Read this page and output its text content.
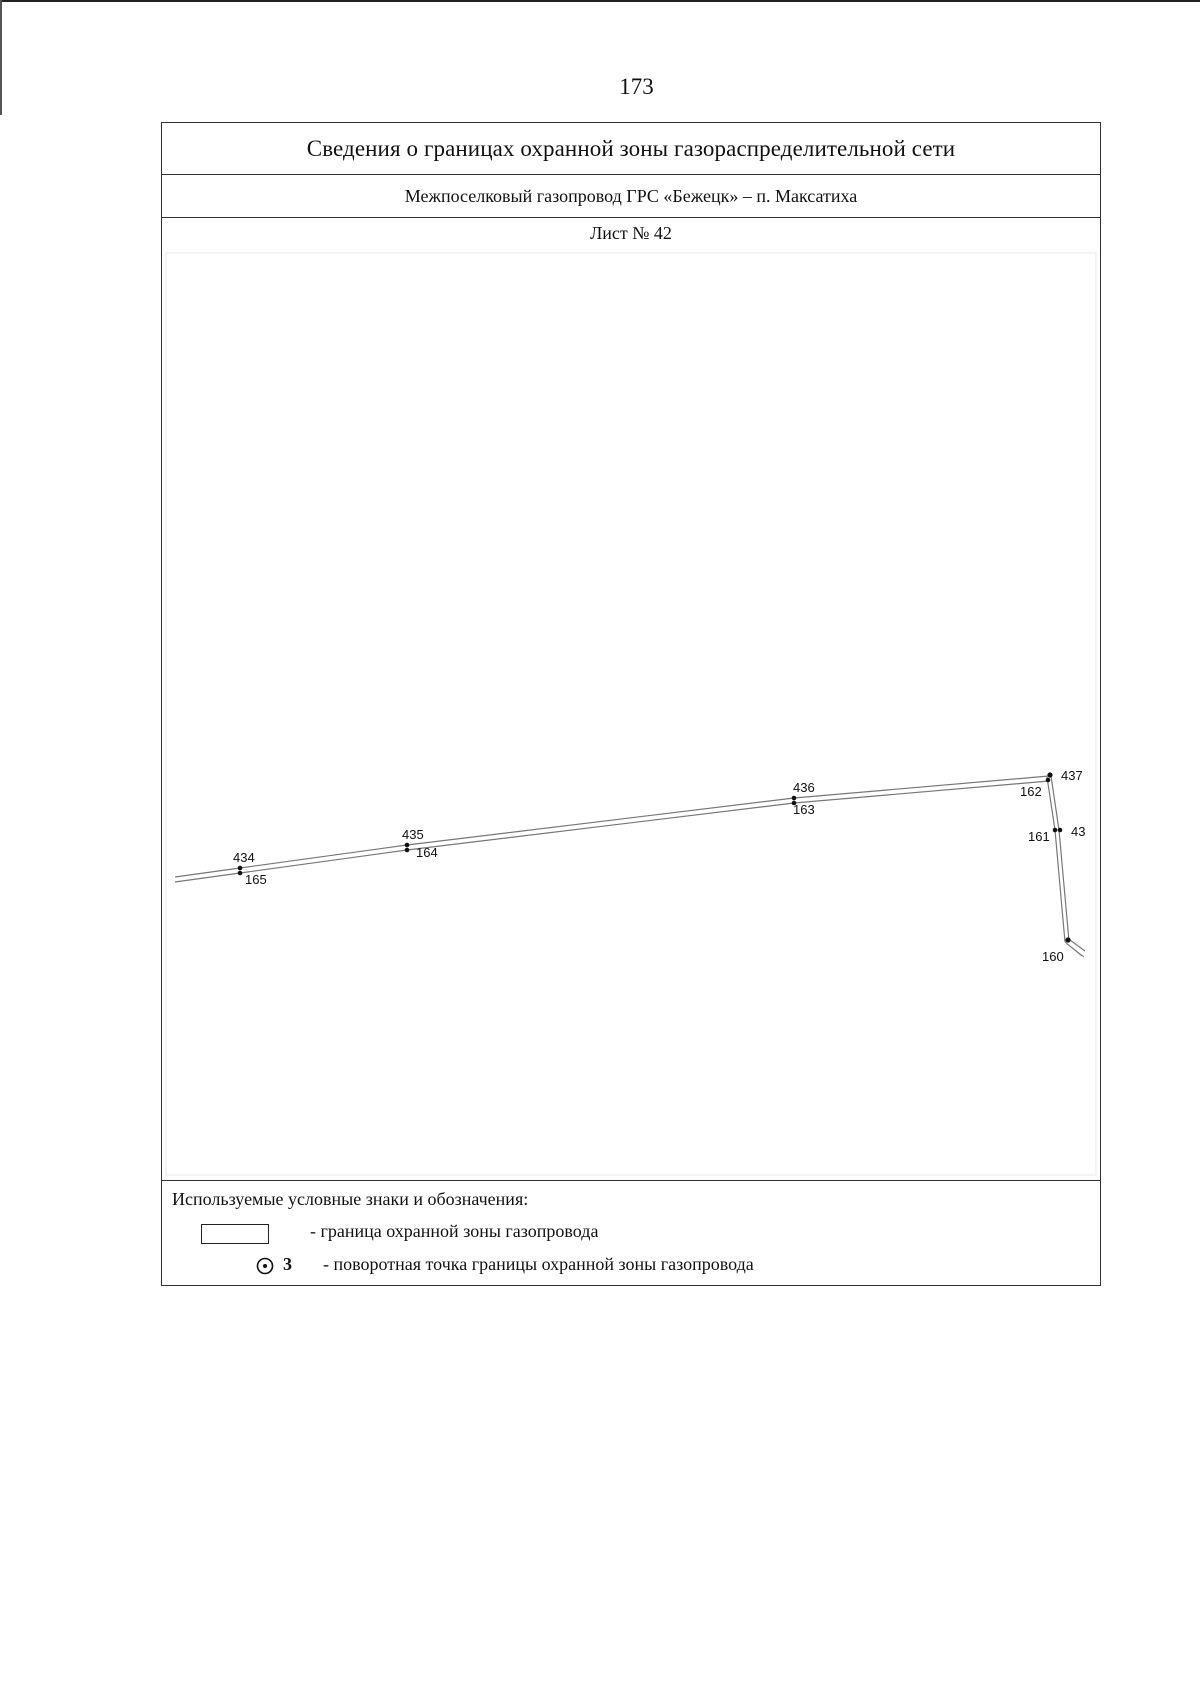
173
Сведения о границах охранной зоны газораспределительной сети
Межпоселковый газопровод ГРС «Бежецк» – п. Максатиха
Лист № 42
434
165
435
164
436
163
437
162
161 43
160
Используемые условные знаки и обозначения:
- граница охранной зоны газопровода
3 - поворотная точка границы охранной зоны газопровода
